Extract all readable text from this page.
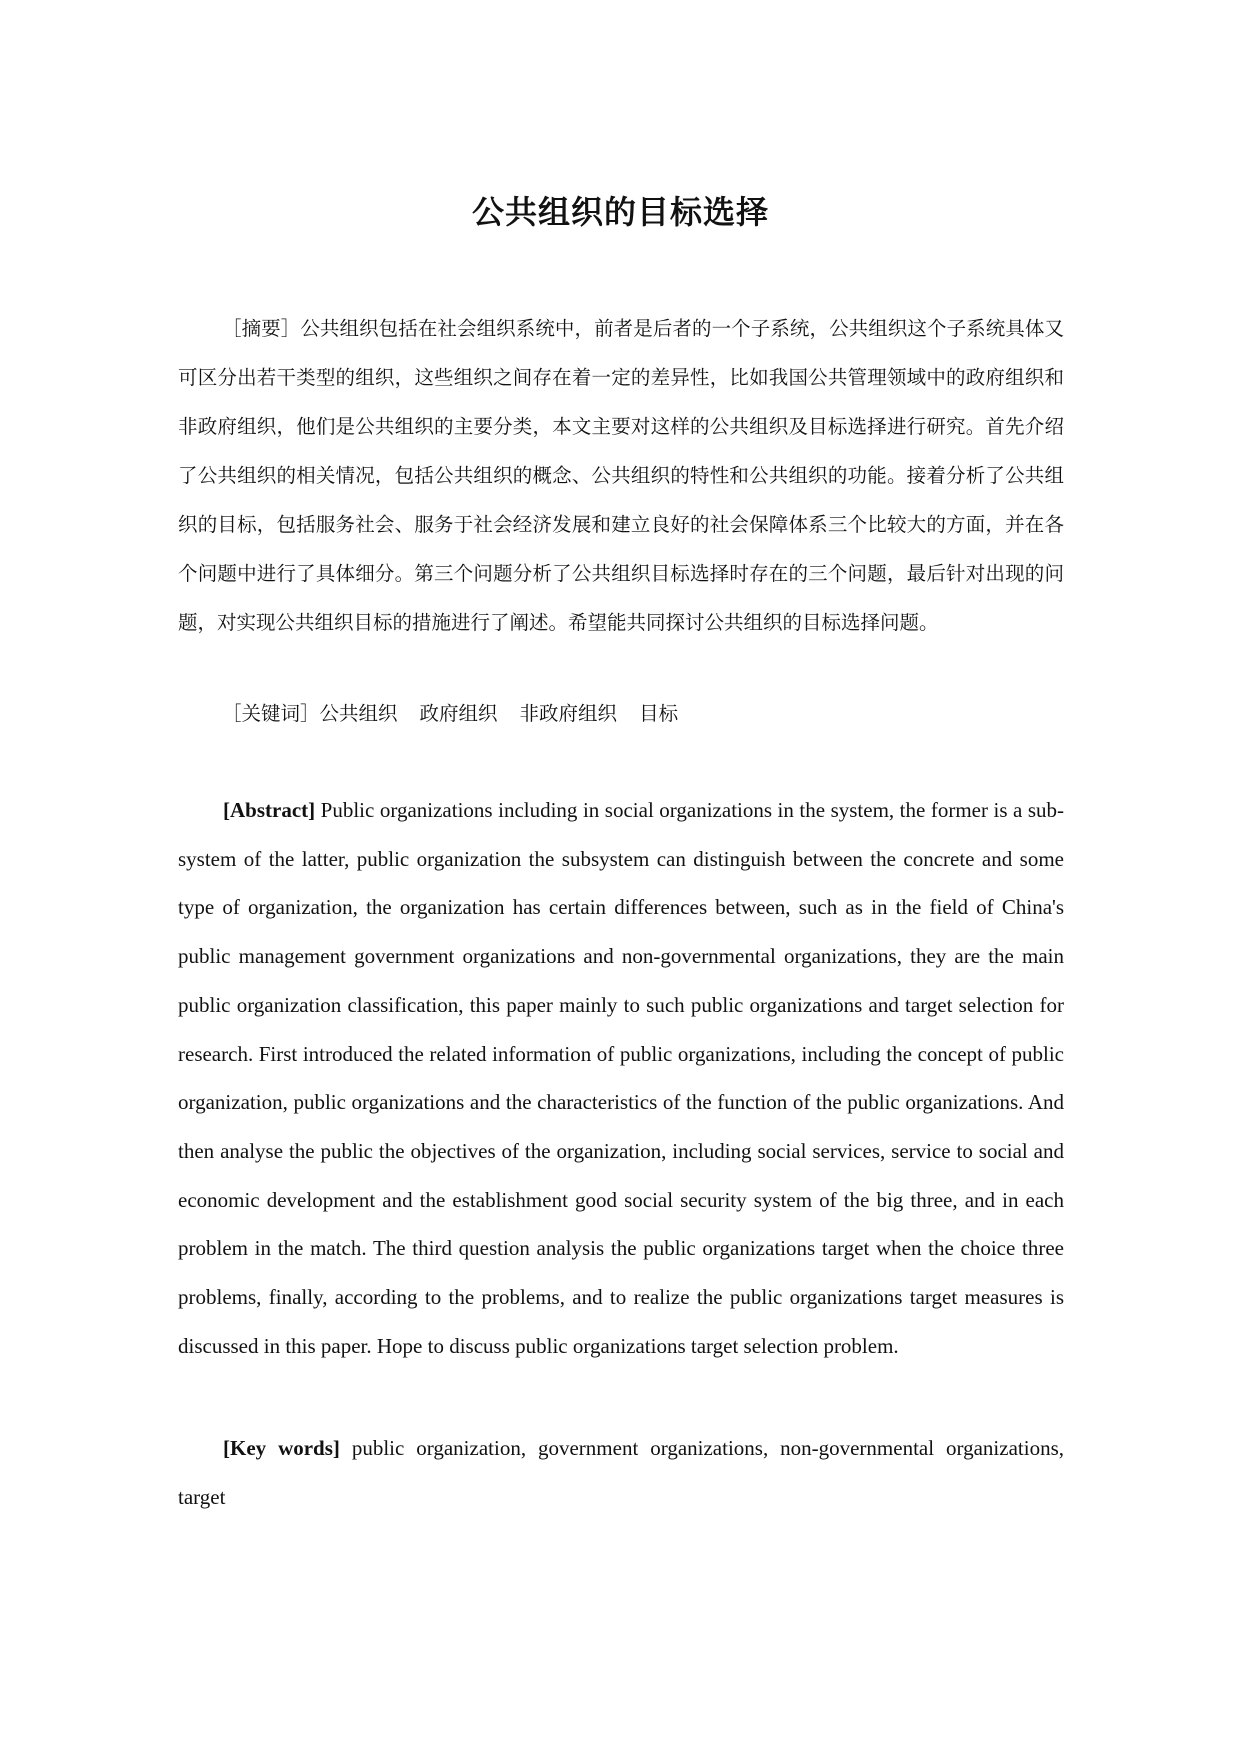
公共组织的目标选择

［摘要］公共组织包括在社会组织系统中，前者是后者的一个子系统，公共组织这个子系统具体又可区分出若干类型的组织，这些组织之间存在着一定的差异性，比如我国公共管理领域中的政府组织和非政府组织，他们是公共组织的主要分类，本文主要对这样的公共组织及目标选择进行研究。首先介绍了公共组织的相关情况，包括公共组织的概念、公共组织的特性和公共组织的功能。接着分析了公共组织的目标，包括服务社会、服务于社会经济发展和建立良好的社会保障体系三个比较大的方面，并在各个问题中进行了具体细分。第三个问题分析了公共组织目标选择时存在的三个问题，最后针对出现的问题，对实现公共组织目标的措施进行了阐述。希望能共同探讨公共组织的目标选择问题。

［关键词］公共组织 政府组织 非政府组织 目标

[Abstract] Public organizations including in social organizations in the system, the former is a sub-system of the latter, public organization the subsystem can distinguish between the concrete and some type of organization, the organization has certain differences between, such as in the field of China's public management government organizations and non-governmental organizations, they are the main public organization classification, this paper mainly to such public organizations and target selection for research. First introduced the related information of public organizations, including the concept of public organization, public organizations and the characteristics of the function of the public organizations. And then analyse the public the objectives of the organization, including social services, service to social and economic development and the establishment good social security system of the big three, and in each problem in the match. The third question analysis the public organizations target when the choice three problems, finally, according to the problems, and to realize the public organizations target measures is discussed in this paper. Hope to discuss public organizations target selection problem.

[Key words] public organization, government organizations, non-governmental organizations, target
